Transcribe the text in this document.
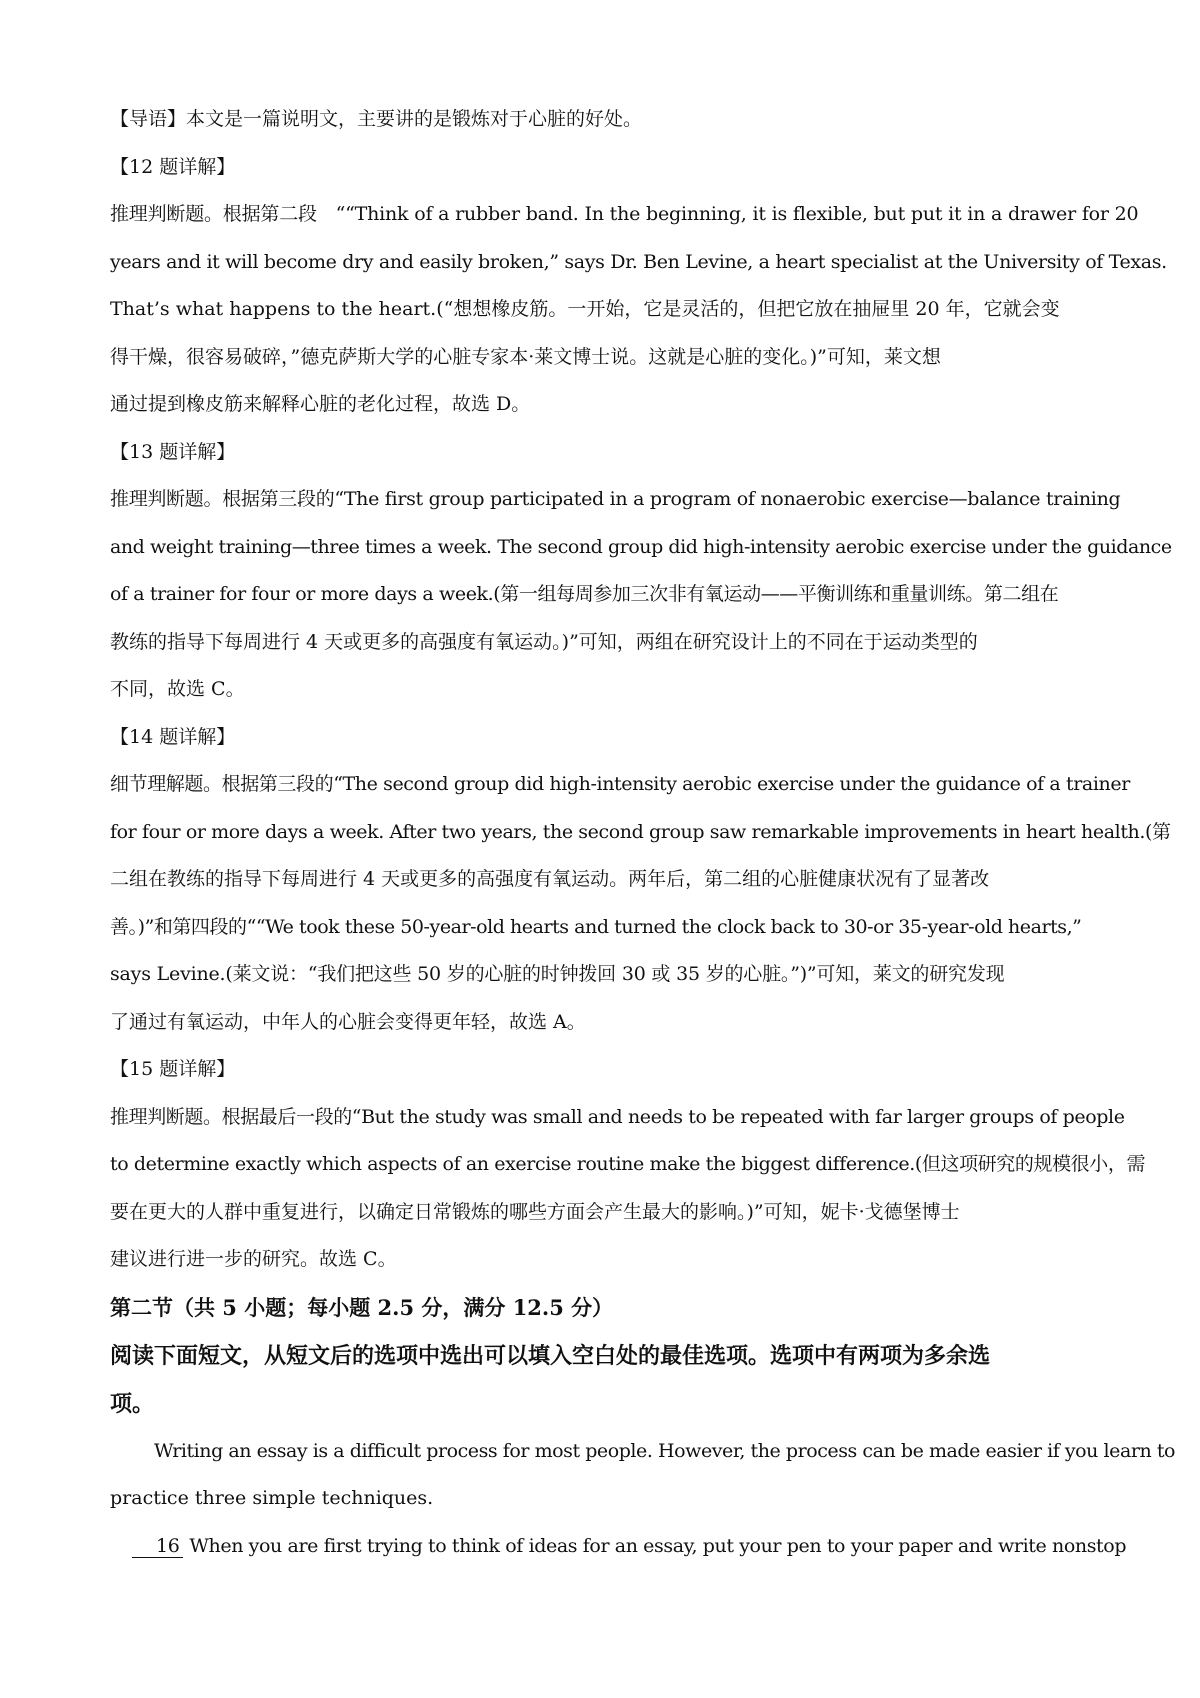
【导语】本文是一篇说明文，主要讲的是锻炼对于心脏的好处。

【12 题详解】

推理判断题。根据第二段　““Think of a rubber band. In the beginning, it is flexible, but put it in a drawer for 20

years and it will become dry and easily broken,” says Dr. Ben Levine, a heart specialist at the University of Texas.

That’s what happens to the heart.(“想想橡皮筋。一开始，它是灵活的，但把它放在抽屉里 20 年，它就会变

得干燥，很容易破碎，”德克萨斯大学的心脏专家本·莱文博士说。这就是心脏的变化。)”可知，莱文想

通过提到橡皮筋来解释心脏的老化过程，故选 D。

【13 题详解】

推理判断题。根据第三段的“The first group participated in a program of nonaerobic exercise—balance training

and weight training—three times a week. The second group did high-intensity aerobic exercise under the guidance

of a trainer for four or more days a week.(第一组每周参加三次非有氧运动——平衡训练和重量训练。第二组在

教练的指导下每周进行 4 天或更多的高强度有氧运动。)”可知，两组在研究设计上的不同在于运动类型的

不同，故选 C。

【14 题详解】

细节理解题。根据第三段的“The second group did high-intensity aerobic exercise under the guidance of a trainer

for four or more days a week. After two years, the second group saw remarkable improvements in heart health.(第

二组在教练的指导下每周进行 4 天或更多的高强度有氧运动。两年后，第二组的心脏健康状况有了显著改

善。)”和第四段的““We took these 50-year-old hearts and turned the clock back to 30-or 35-year-old hearts,”

says Levine.(莱文说：“我们把这些 50 岁的心脏的时钟拨回 30 或 35 岁的心脏。”)”可知，莱文的研究发现

了通过有氧运动，中年人的心脏会变得更年轻，故选 A。

【15 题详解】

推理判断题。根据最后一段的“But the study was small and needs to be repeated with far larger groups of people

to determine exactly which aspects of an exercise routine make the biggest difference.(但这项研究的规模很小，需

要在更大的人群中重复进行，以确定日常锻炼的哪些方面会产生最大的影响。)”可知，妮卡·戈德堡博士

建议进行进一步的研究。故选 C。

第二节（共 5 小题；每小题 2.5 分，满分 12.5 分）

阅读下面短文，从短文后的选项中选出可以填入空白处的最佳选项。选项中有两项为多余选

项。

Writing an essay is a difficult process for most people. However, the process can be made easier if you learn to

practice three simple techniques.

16 When you are first trying to think of ideas for an essay, put your pen to your paper and write nonstop
